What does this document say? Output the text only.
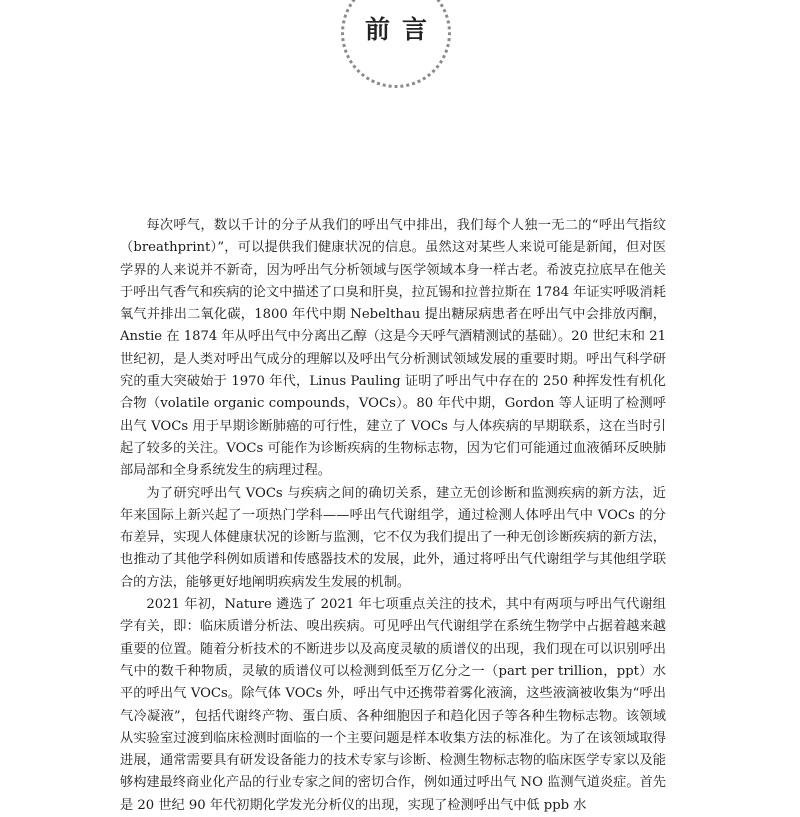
前言

每次呼气，数以千计的分子从我们的呼出气中排出，我们每个人独一无二的“呼出气指纹（breathprint）”，可以提供我们健康状况的信息。虽然这对某些人来说可能是新闻，但对医学界的人来说并不新奇，因为呼出气分析领域与医学领域本身一样古老。希波克拉底早在他关于呼出气香气和疾病的论文中描述了口臭和肝臭，拉瓦锡和拉普拉斯在 1784 年证实呼吸消耗氧气并排出二氧化碳，1800 年代中期 Nebelthau 提出糖尿病患者在呼出气中会排放丙酮，Anstie 在 1874 年从呼出气中分离出乙醇（这是今天呼气酒精测试的基础）。20 世纪末和 21 世纪初，是人类对呼出气成分的理解以及呼出气分析测试领域发展的重要时期。呼出气科学研究的重大突破始于 1970 年代，Linus Pauling 证明了呼出气中存在的 250 种挥发性有机化合物（volatile organic compounds，VOCs）。80 年代中期，Gordon 等人证明了检测呼出气 VOCs 用于早期诊断肺癌的可行性，建立了 VOCs 与人体疾病的早期联系，这在当时引起了较多的关注。VOCs 可能作为诊断疾病的生物标志物，因为它们可能通过血液循环反映肺部局部和全身系统发生的病理过程。

为了研究呼出气 VOCs 与疾病之间的确切关系，建立无创诊断和监测疾病的新方法，近年来国际上新兴起了一项热门学科——呼出气代谢组学，通过检测人体呼出气中 VOCs 的分布差异，实现人体健康状况的诊断与监测，它不仅为我们提出了一种无创诊断疾病的新方法，也推动了其他学科例如质谱和传感器技术的发展，此外，通过将呼出气代谢组学与其他组学联合的方法，能够更好地阐明疾病发生发展的机制。

2021 年初，Nature 遴选了 2021 年七项重点关注的技术，其中有两项与呼出气代谢组学有关，即：临床质谱分析法、嗅出疾病。可见呼出气代谢组学在系统生物学中占据着越来越重要的位置。随着分析技术的不断进步以及高度灵敏的质谱仪的出现，我们现在可以识别呼出气中的数千种物质，灵敏的质谱仪可以检测到低至万亿分之一（part per trillion，ppt）水平的呼出气 VOCs。除气体 VOCs 外，呼出气中还携带着雾化液滴，这些液滴被收集为“呼出气冷凝液”，包括代谢终产物、蛋白质、各种细胞因子和趋化因子等各种生物标志物。该领域从实验室过渡到临床检测时面临的一个主要问题是样本收集方法的标准化。为了在该领域取得进展，通常需要具有研发设备能力的技术专家与诊断、检测生物标志物的临床医学专家以及能够构建最终商业化产品的行业专家之间的密切合作，例如通过呼出气 NO 监测气道炎症。首先是 20 世纪 90 年代初期化学发光分析仪的出现，实现了检测呼出气中低 ppb 水
